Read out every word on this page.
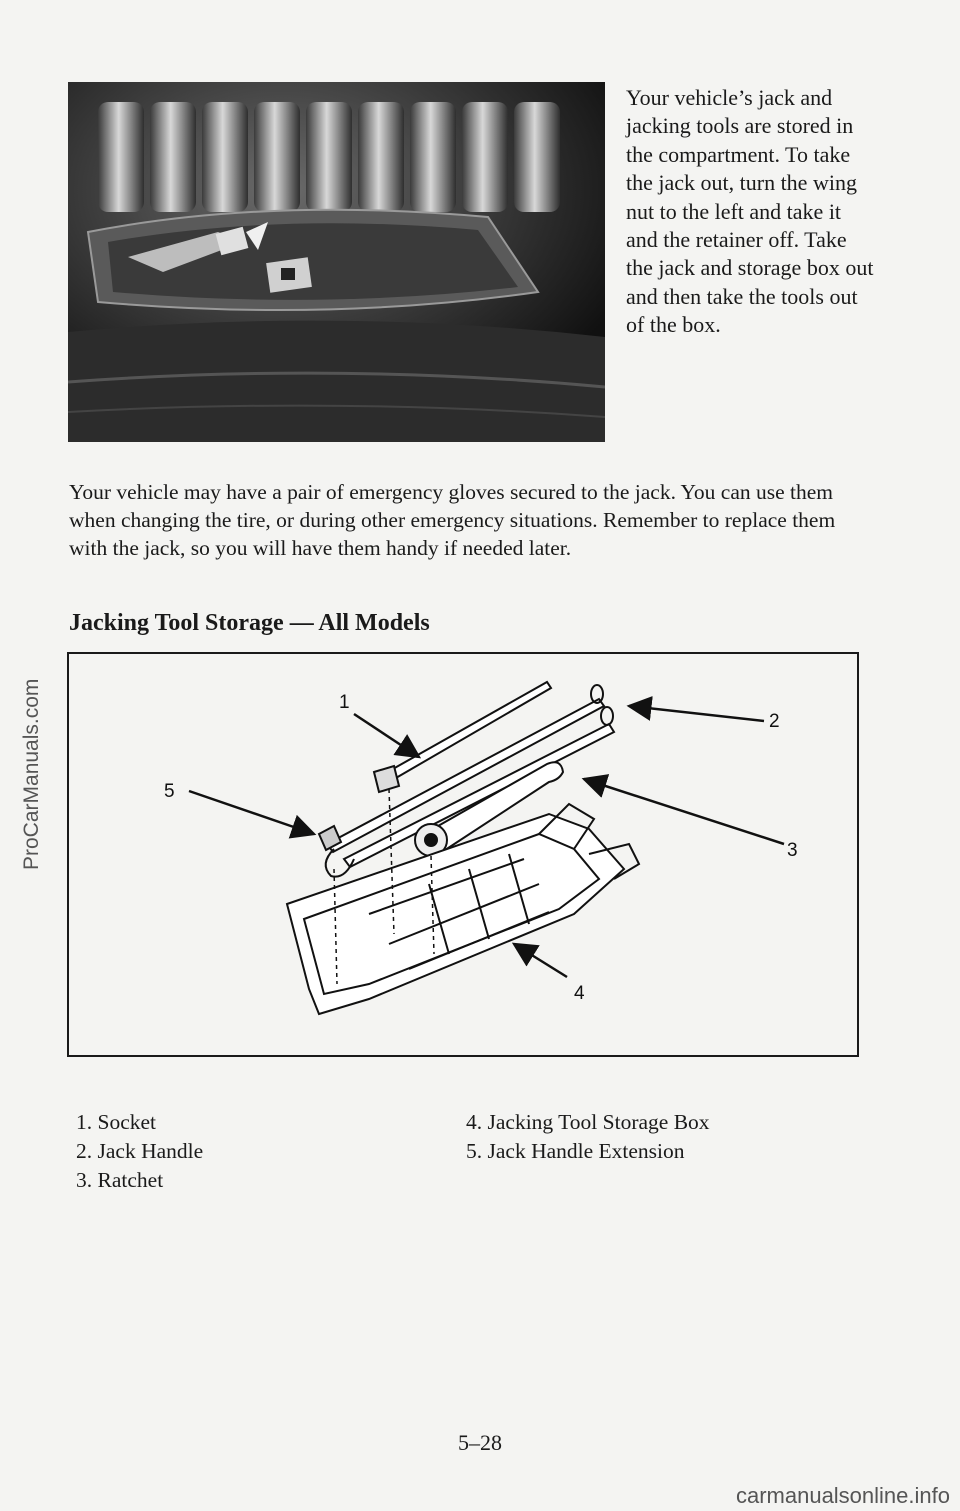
Your vehicle’s jack and jacking tools are stored in the compartment. To take the jack out, turn the wing nut to the left and take it and the retainer off. Take the jack and storage box out and then take the tools out of the box.
Your vehicle may have a pair of emergency gloves secured to the jack. You can use them when changing the tire, or during other emergency situations. Remember to replace them with the jack, so you will have them handy if needed later.
Jacking Tool Storage — All Models
1
2
3
4
5
1. Socket
2. Jack Handle
3. Ratchet
4. Jacking Tool Storage Box
5. Jack Handle Extension
5–28
ProCarManuals.com
carmanualsonline.info
